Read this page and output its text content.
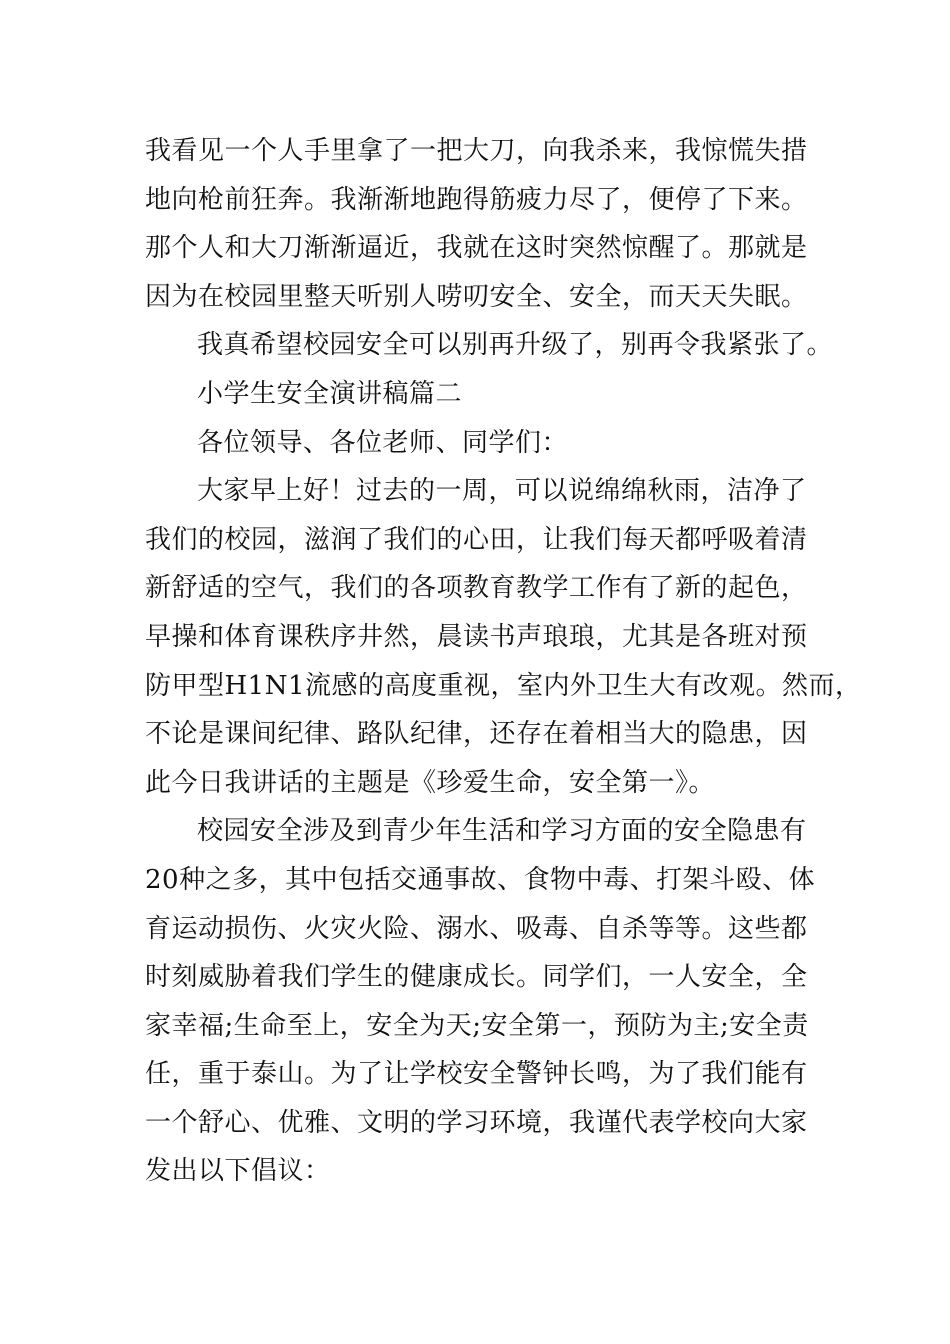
我看见一个人手里拿了一把大刀，向我杀来，我惊慌失措
地向枪前狂奔。我渐渐地跑得筋疲力尽了，便停了下来。
那个人和大刀渐渐逼近，我就在这时突然惊醒了。那就是
因为在校园里整天听别人唠叨安全、安全，而天天失眠。
我真希望校园安全可以别再升级了，别再令我紧张了。
小学生安全演讲稿篇二
各位领导、各位老师、同学们：
大家早上好！过去的一周，可以说绵绵秋雨，洁净了
我们的校园，滋润了我们的心田，让我们每天都呼吸着清
新舒适的空气，我们的各项教育教学工作有了新的起色，
早操和体育课秩序井然，晨读书声琅琅，尤其是各班对预
防甲型H1N1流感的高度重视，室内外卫生大有改观。然而，
不论是课间纪律、路队纪律，还存在着相当大的隐患，因
此今日我讲话的主题是《珍爱生命，安全第一》。
校园安全涉及到青少年生活和学习方面的安全隐患有
20种之多，其中包括交通事故、食物中毒、打架斗殴、体
育运动损伤、火灾火险、溺水、吸毒、自杀等等。这些都
时刻威胁着我们学生的健康成长。同学们，一人安全，全
家幸福;生命至上，安全为天;安全第一，预防为主;安全责
任，重于泰山。为了让学校安全警钟长鸣，为了我们能有
一个舒心、优雅、文明的学习环境，我谨代表学校向大家
发出以下倡议：
